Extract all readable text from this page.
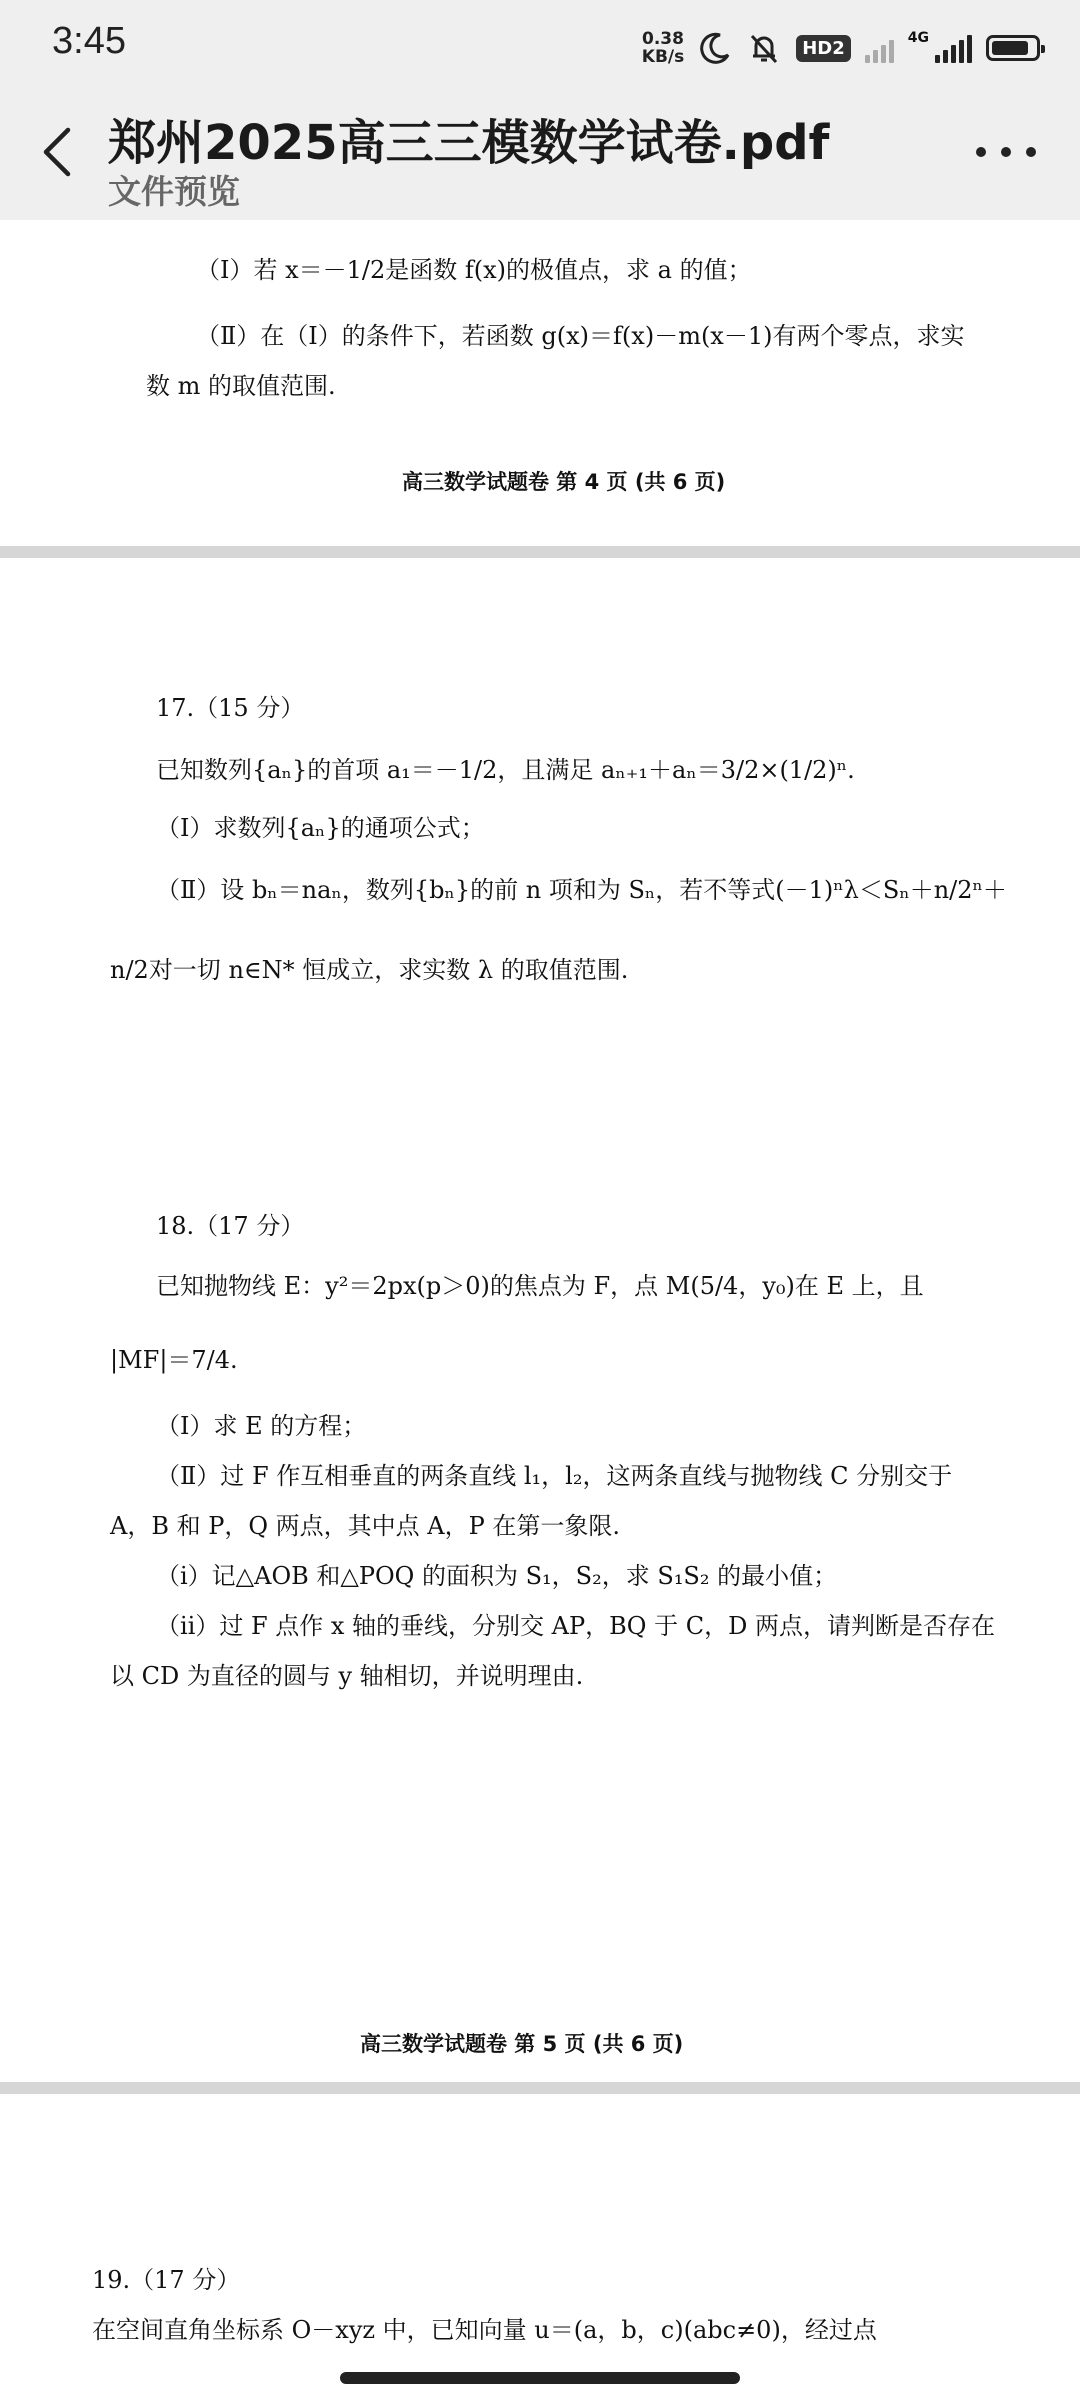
3:45	0.38
KB/s	HD2	4G
郑州2025高三三模数学试卷.pdf
文件预览
（Ⅰ）若 x＝－1/2是函数 f(x)的极值点，求 a 的值；
（Ⅱ）在（Ⅰ）的条件下，若函数 g(x)＝f(x)－m(x－1)有两个零点，求实
数 m 的取值范围.
高三数学试题卷 第 4 页 (共 6 页)
17.（15 分）
已知数列{aₙ}的首项 a₁＝－1/2，且满足 aₙ₊₁＋aₙ＝3/2×(1/2)ⁿ.
（Ⅰ）求数列{aₙ}的通项公式；
（Ⅱ）设 bₙ＝naₙ，数列{bₙ}的前 n 项和为 Sₙ，若不等式(－1)ⁿλ＜Sₙ＋n/2ⁿ＋
n/2对一切 n∈N* 恒成立，求实数 λ 的取值范围.
18.（17 分）
已知抛物线 E：y²＝2px(p＞0)的焦点为 F，点 M(5/4，y₀)在 E 上，且
|MF|＝7/4.
（Ⅰ）求 E 的方程；
（Ⅱ）过 F 作互相垂直的两条直线 l₁，l₂，这两条直线与抛物线 C 分别交于
A，B 和 P，Q 两点，其中点 A，P 在第一象限.
（ⅰ）记△AOB 和△POQ 的面积为 S₁，S₂，求 S₁S₂ 的最小值；
（ⅱ）过 F 点作 x 轴的垂线，分别交 AP，BQ 于 C，D 两点，请判断是否存在
以 CD 为直径的圆与 y 轴相切，并说明理由.
高三数学试题卷 第 5 页 (共 6 页)
19.（17 分）
在空间直角坐标系 O－xyz 中，已知向量 u＝(a，b，c)(abc≠0)，经过点
